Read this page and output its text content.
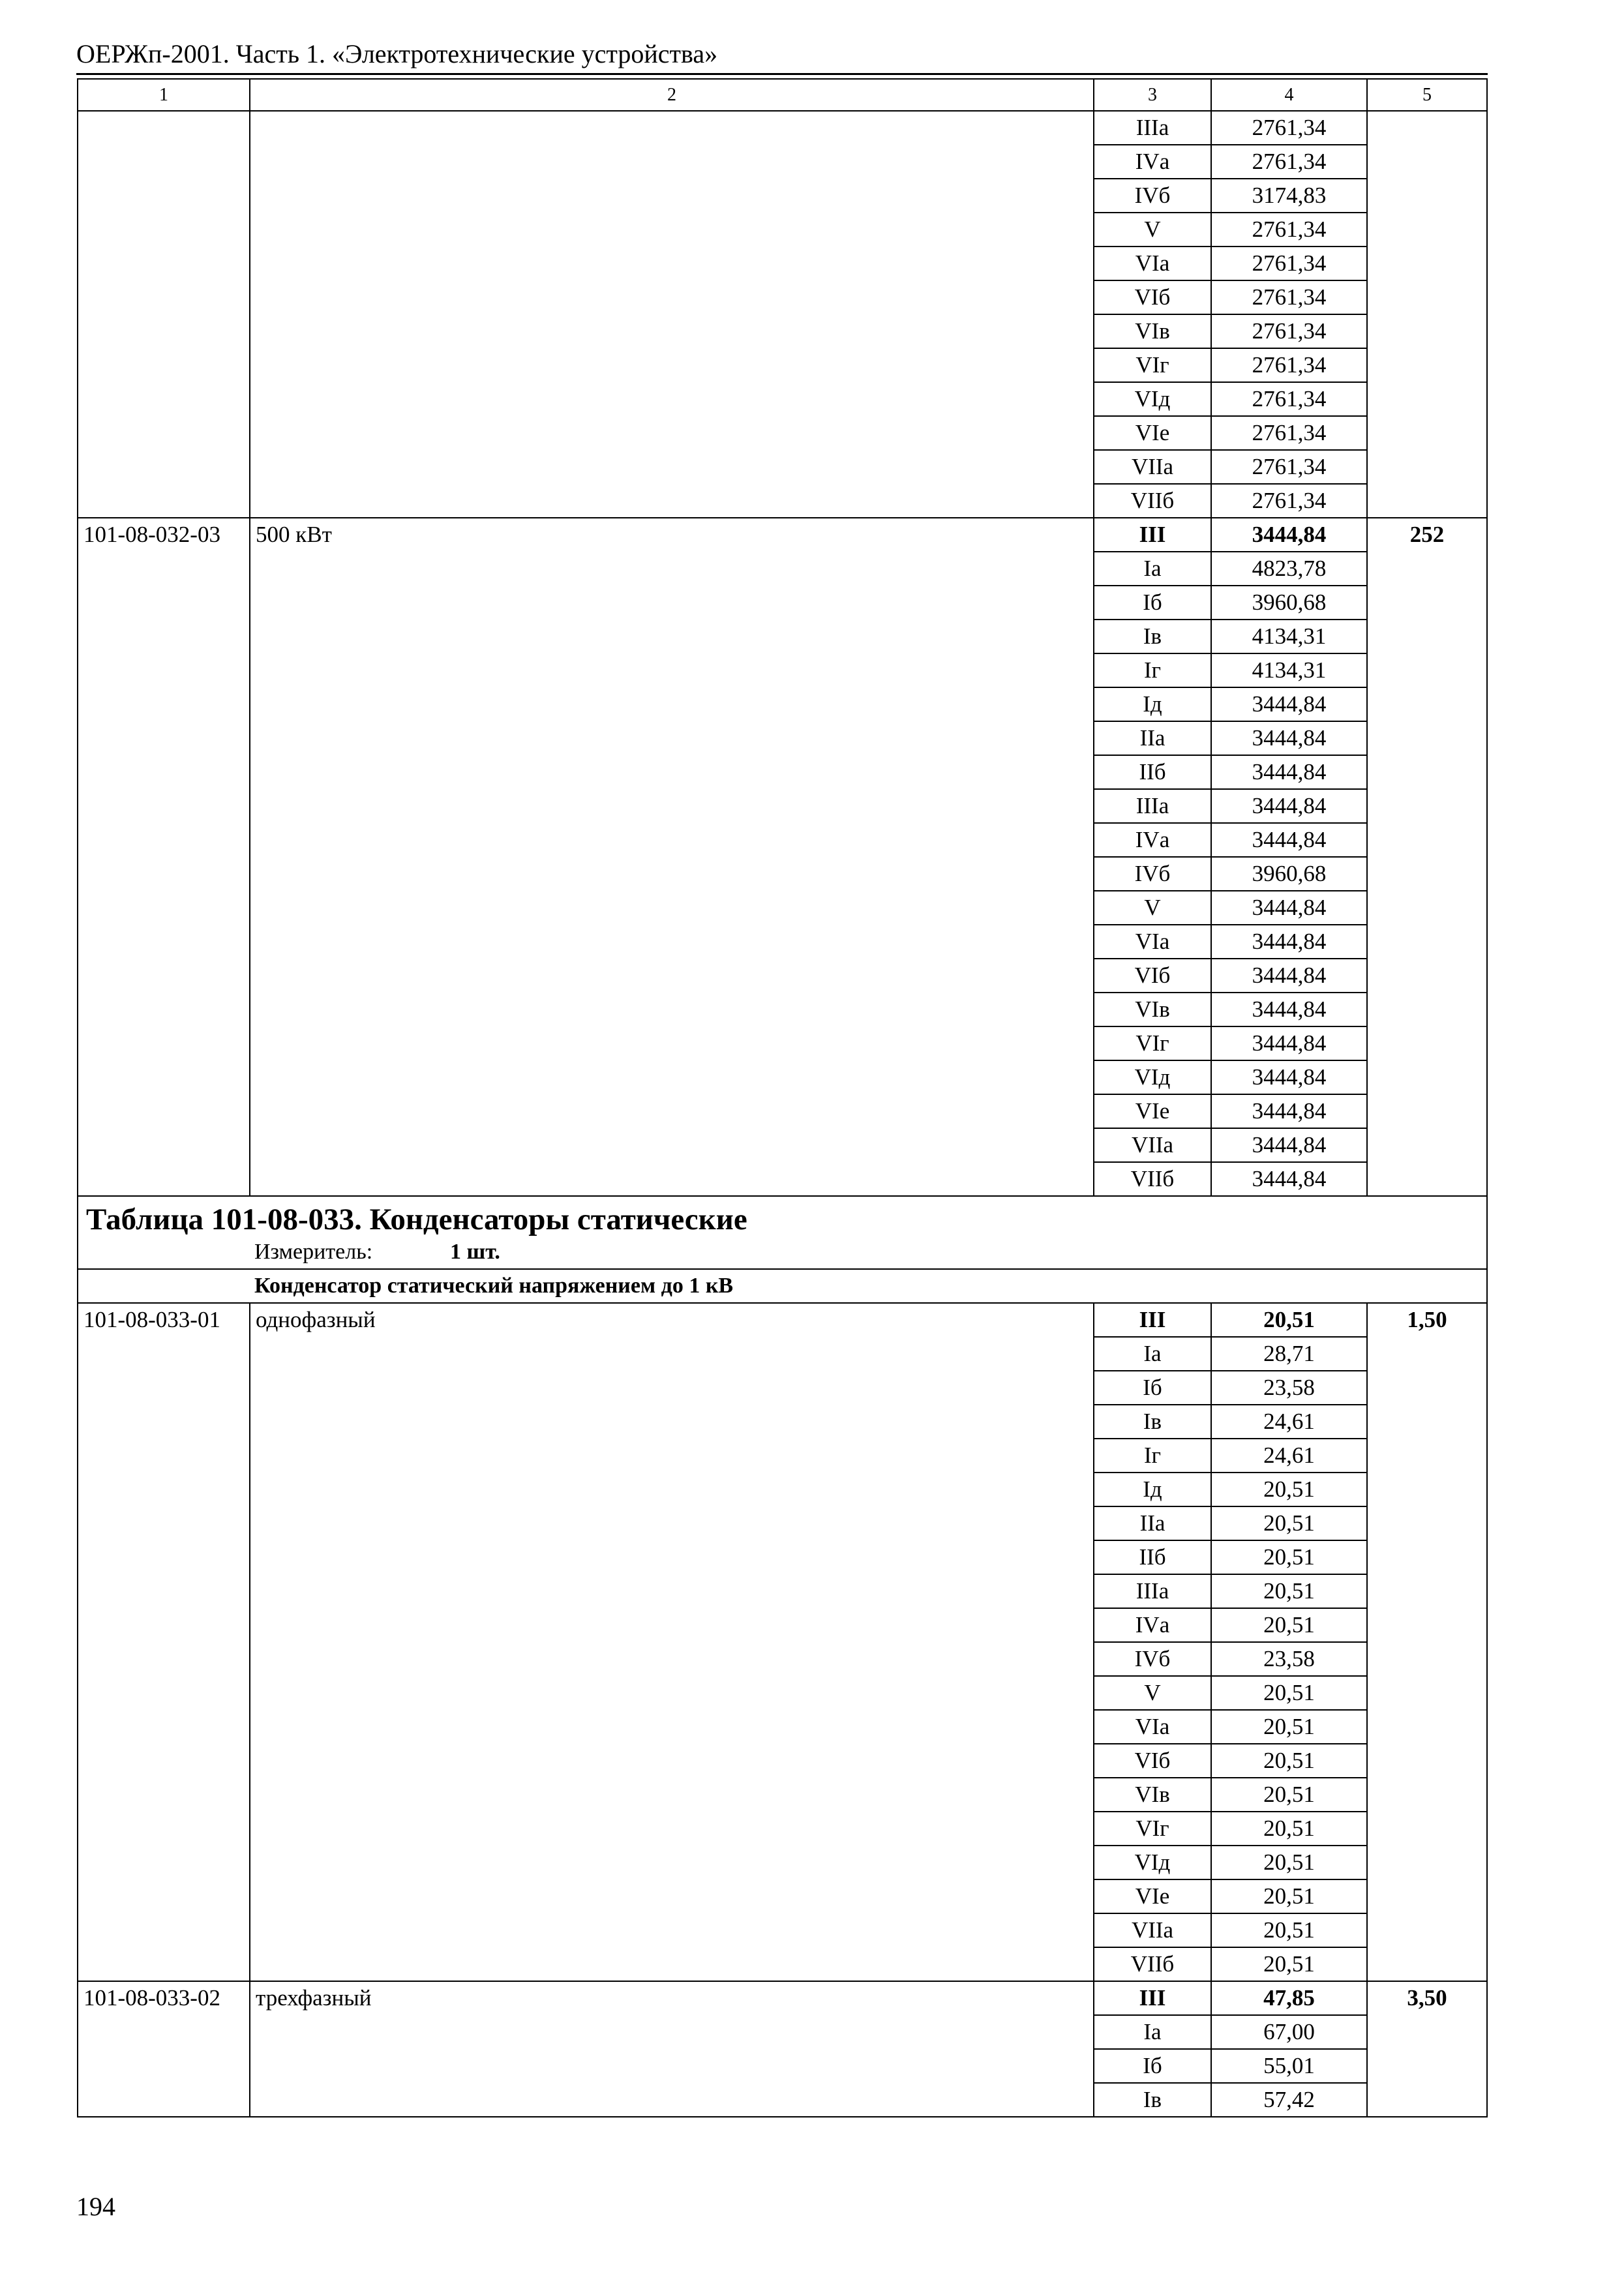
ОЕРЖп-2001. Часть 1. «Электротехнические устройства»
1	2	3	4	5
		IIIа	2761,34	
		IVа	2761,34	
		IVб	3174,83	
		V	2761,34	
		VIа	2761,34	
		VIб	2761,34	
		VIв	2761,34	
		VIг	2761,34	
		VIд	2761,34	
		VIе	2761,34	
		VIIа	2761,34	
		VIIб	2761,34	
101-08-032-03	500 кВт	III	3444,84	252
		Iа	4823,78	
		Iб	3960,68	
		Iв	4134,31	
		Iг	4134,31	
		Iд	3444,84	
		IIа	3444,84	
		IIб	3444,84	
		IIIа	3444,84	
		IVа	3444,84	
		IVб	3960,68	
		V	3444,84	
		VIа	3444,84	
		VIб	3444,84	
		VIв	3444,84	
		VIг	3444,84	
		VIд	3444,84	
		VIе	3444,84	
		VIIа	3444,84	
		VIIб	3444,84	

Таблица 101-08-033. Конденсаторы статические
Измеритель: 1 шт.				

Конденсатор статический напряжением до 1 кВ				
101-08-033-01	однофазный	III	20,51	1,50
		Iа	28,71	
		Iб	23,58	
		Iв	24,61	
		Iг	24,61	
		Iд	20,51	
		IIа	20,51	
		IIб	20,51	
		IIIа	20,51	
		IVа	20,51	
		IVб	23,58	
		V	20,51	
		VIа	20,51	
		VIб	20,51	
		VIв	20,51	
		VIг	20,51	
		VIд	20,51	
		VIе	20,51	
		VIIа	20,51	
		VIIб	20,51	
101-08-033-02	трехфазный	III	47,85	3,50
		Iа	67,00	
		Iб	55,01	
		Iв	57,42	
194
